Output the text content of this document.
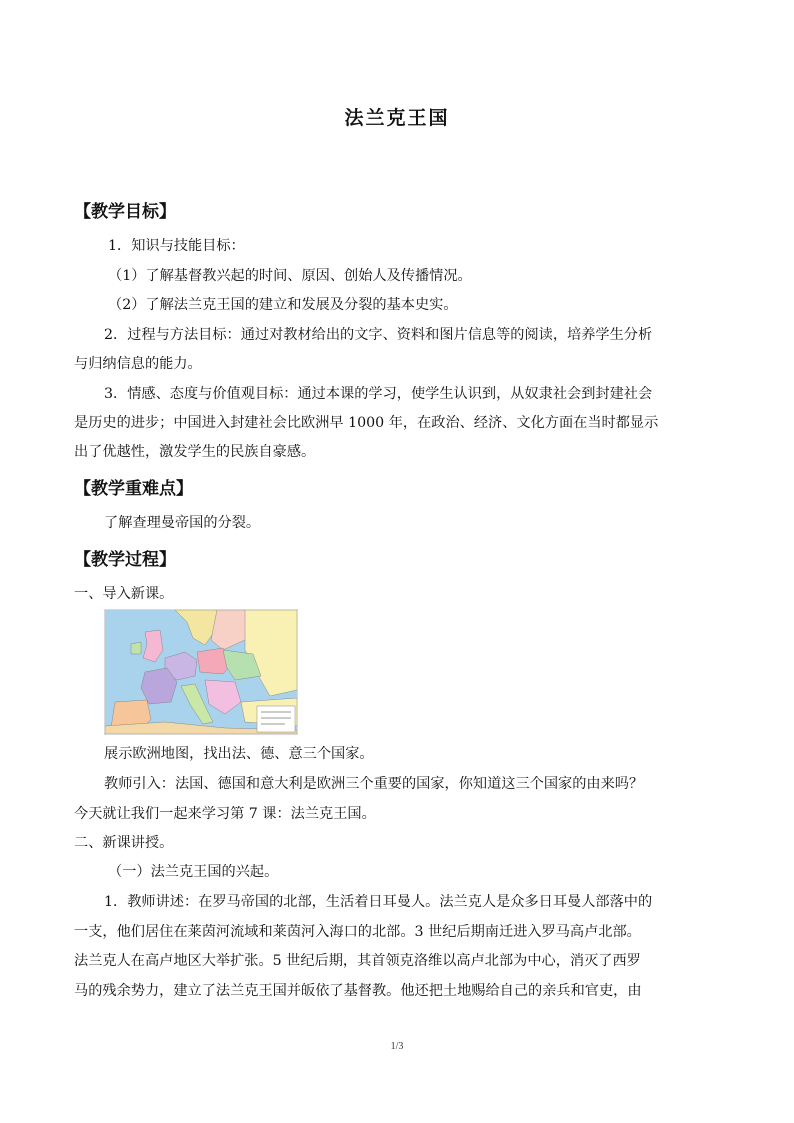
法兰克王国
【教学目标】
1．知识与技能目标：
（1）了解基督教兴起的时间、原因、创始人及传播情况。
（2）了解法兰克王国的建立和发展及分裂的基本史实。
2．过程与方法目标：通过对教材给出的文字、资料和图片信息等的阅读，培养学生分析
与归纳信息的能力。
3．情感、态度与价值观目标：通过本课的学习，使学生认识到，从奴隶社会到封建社会
是历史的进步；中国进入封建社会比欧洲早 1000 年，在政治、经济、文化方面在当时都显示
出了优越性，激发学生的民族自豪感。
【教学重难点】
了解查理曼帝国的分裂。
【教学过程】
一、导入新课。
展示欧洲地图，找出法、德、意三个国家。
教师引入：法国、德国和意大利是欧洲三个重要的国家，你知道这三个国家的由来吗？
今天就让我们一起来学习第 7 课：法兰克王国。
二、新课讲授。
（一）法兰克王国的兴起。
1．教师讲述：在罗马帝国的北部，生活着日耳曼人。法兰克人是众多日耳曼人部落中的
一支，他们居住在莱茵河流域和莱茵河入海口的北部。3 世纪后期南迁进入罗马高卢北部。
法兰克人在高卢地区大举扩张。5 世纪后期，其首领克洛维以高卢北部为中心，消灭了西罗
马的残余势力，建立了法兰克王国并皈依了基督教。他还把土地赐给自己的亲兵和官吏，由
1/3
